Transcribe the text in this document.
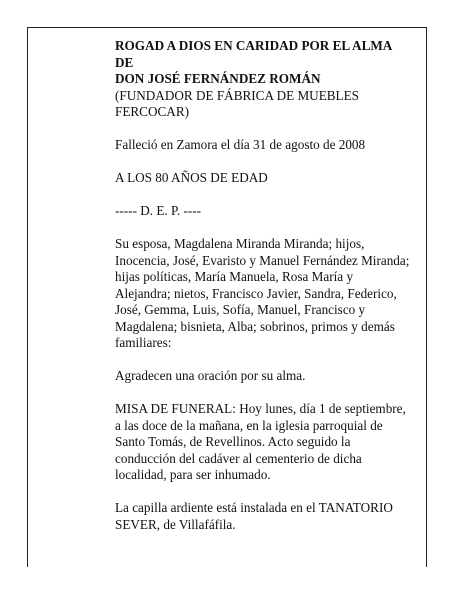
ROGAD A DIOS EN CARIDAD POR EL ALMA

DE

DON JOSÉ FERNÁNDEZ ROMÁN

(FUNDADOR DE FÁBRICA DE MUEBLES

FERCOCAR)

Falleció en Zamora el día 31 de agosto de 2008

A LOS 80 AÑOS DE EDAD

----- D. E. P. ----

Su esposa, Magdalena Miranda Miranda; hijos,

Inocencia, José, Evaristo y Manuel Fernández Miranda;

hijas políticas, María Manuela, Rosa María y

Alejandra; nietos, Francisco Javier, Sandra, Federico,

José, Gemma, Luis, Sofía, Manuel, Francisco y

Magdalena; bisnieta, Alba; sobrinos, primos y demás

familiares:

Agradecen una oración por su alma.

MISA DE FUNERAL: Hoy lunes, día 1 de septiembre,

a las doce de la mañana, en la iglesia parroquial de

Santo Tomás, de Revellinos. Acto seguido la

conducción del cadáver al cementerio de dicha

localidad, para ser inhumado.

La capilla ardiente está instalada en el TANATORIO

SEVER, de Villafáfila.
